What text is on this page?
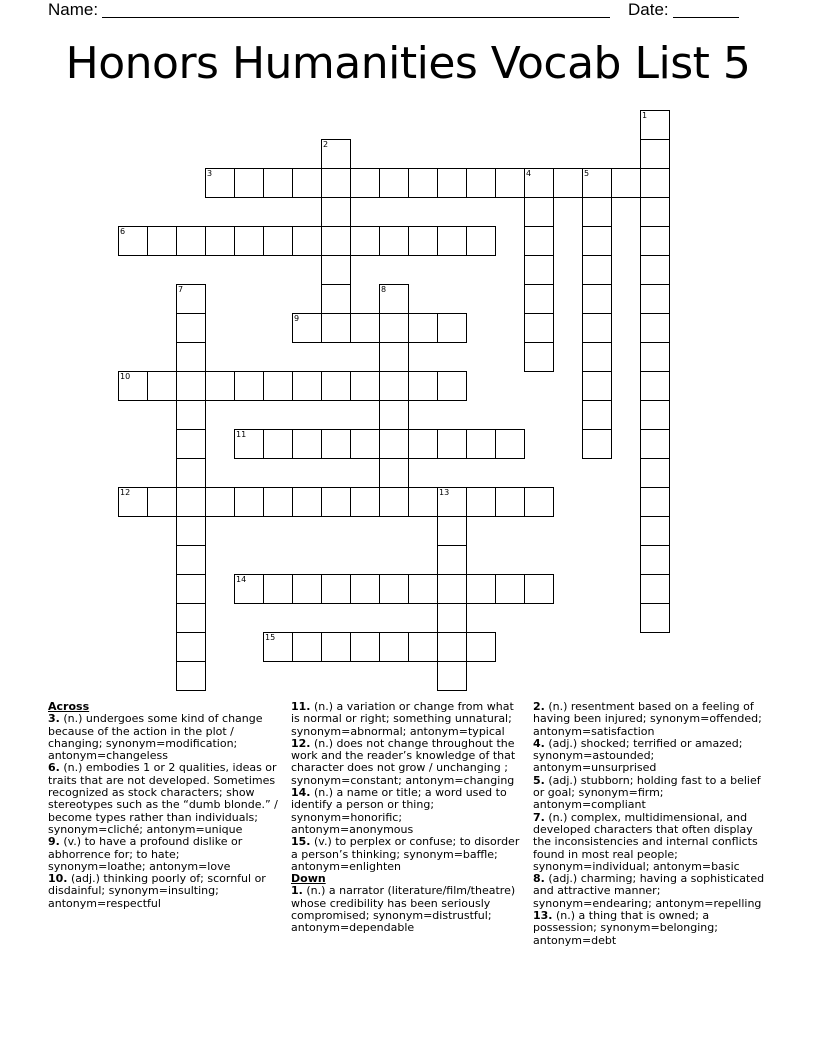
Name:	Date:
Honors Humanities Vocab List 5
1
2
3	4	5
6
7	8
9
10
11
12	13
14
15

Across

3. (n.) undergoes some kind of change because of the action in the plot / changing; synonym=modification; antonym=changeless

6. (n.) embodies 1 or 2 qualities, ideas or traits that are not developed. Sometimes recognized as stock characters; show stereotypes such as the “dumb blonde.” / become types rather than individuals; synonym=cliché; antonym=unique

9. (v.) to have a profound dislike or abhorrence for; to hate; synonym=loathe; antonym=love

10. (adj.) thinking poorly of; scornful or disdainful; synonym=insulting; antonym=respectful

11. (n.) a variation or change from what is normal or right; something unnatural; synonym=abnormal; antonym=typical

12. (n.) does not change throughout the work and the reader’s knowledge of that character does not grow / unchanging ; synonym=constant; antonym=changing

14. (n.) a name or title; a word used to identify a person or thing; synonym=honorific; antonym=anonymous

15. (v.) to perplex or confuse; to disorder a person’s thinking; synonym=baffle; antonym=enlighten

Down

1. (n.) a narrator (literature/film/theatre) whose credibility has been seriously compromised; synonym=distrustful; antonym=dependable

2. (n.) resentment based on a feeling of having been injured; synonym=offended; antonym=satisfaction

4. (adj.) shocked; terrified or amazed; synonym=astounded; antonym=unsurprised

5. (adj.) stubborn; holding fast to a belief or goal; synonym=firm; antonym=compliant

7. (n.) complex, multidimensional, and developed characters that often display the inconsistencies and internal conflicts found in most real people; synonym=individual; antonym=basic

8. (adj.) charming; having a sophisticated and attractive manner; synonym=endearing; antonym=repelling

13. (n.) a thing that is owned; a possession; synonym=belonging; antonym=debt
